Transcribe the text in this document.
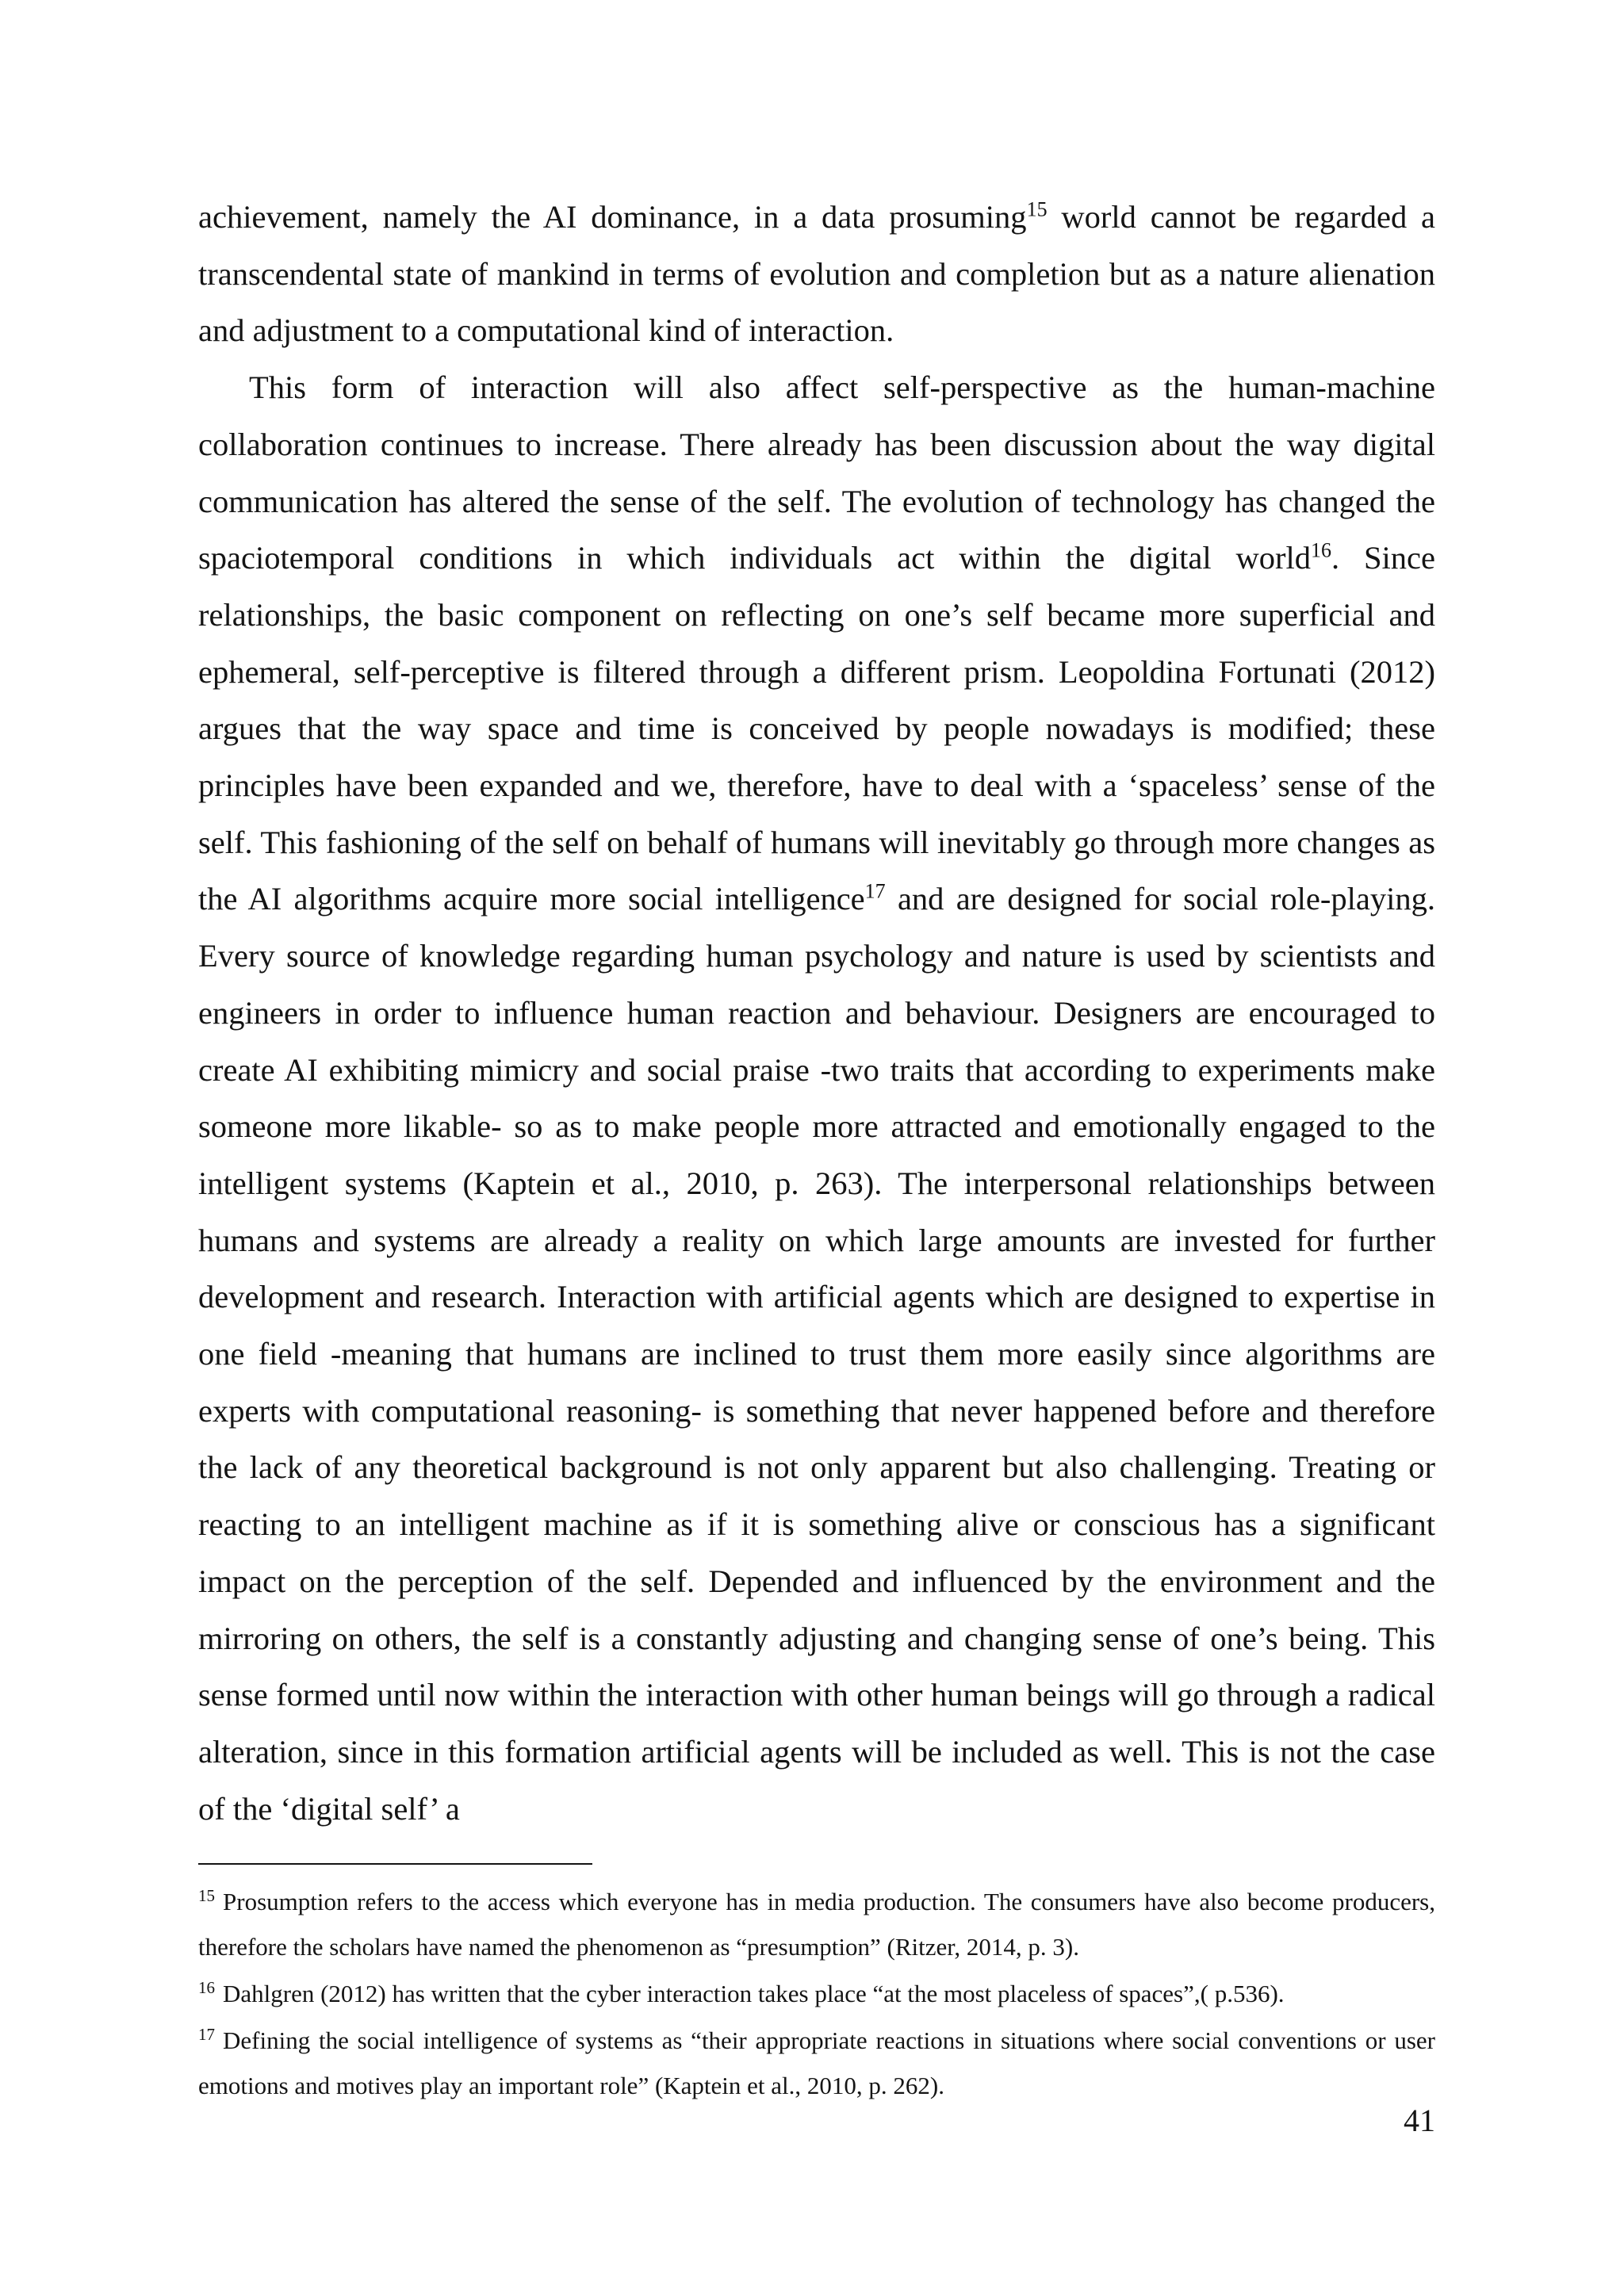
achievement, namely the AI dominance, in a data prosuming$^{15}$ world cannot be regarded a transcendental state of mankind in terms of evolution and completion but as a nature alienation and adjustment to a computational kind of interaction.

This form of interaction will also affect self-perspective as the human-machine collaboration continues to increase. There already has been discussion about the way digital communication has altered the sense of the self. The evolution of technology has changed the spaciotemporal conditions in which individuals act within the digital world$^{16}$. Since relationships, the basic component on reflecting on one’s self became more superficial and ephemeral, self-perceptive is filtered through a different prism. Leopoldina Fortunati (2012) argues that the way space and time is conceived by people nowadays is modified; these principles have been expanded and we, therefore, have to deal with a ‘spaceless’ sense of the self. This fashioning of the self on behalf of humans will inevitably go through more changes as the AI algorithms acquire more social intelligence$^{17}$ and are designed for social role-playing. Every source of knowledge regarding human psychology and nature is used by scientists and engineers in order to influence human reaction and behaviour. Designers are encouraged to create AI exhibiting mimicry and social praise -two traits that according to experiments make someone more likable- so as to make people more attracted and emotionally engaged to the intelligent systems (Kaptein et al., 2010, p. 263). The interpersonal relationships between humans and systems are already a reality on which large amounts are invested for further development and research. Interaction with artificial agents which are designed to expertise in one field -meaning that humans are inclined to trust them more easily since algorithms are experts with computational reasoning- is something that never happened before and therefore the lack of any theoretical background is not only apparent but also challenging. Treating or reacting to an intelligent machine as if it is something alive or conscious has a significant impact on the perception of the self. Depended and influenced by the environment and the mirroring on others, the self is a constantly adjusting and changing sense of one’s being. This sense formed until now within the interaction with other human beings will go through a radical alteration, since in this formation artificial agents will be included as well. This is not the case of the ‘digital self’ a

$^{15}$ Prosumption refers to the access which everyone has in media production. The consumers have also become producers, therefore the scholars have named the phenomenon as “presumption” (Ritzer, 2014, p. 3).

$^{16}$ Dahlgren (2012) has written that the cyber interaction takes place “at the most placeless of spaces”,( p.536).

$^{17}$ Defining the social intelligence of systems as “their appropriate reactions in situations where social conventions or user emotions and motives play an important role” (Kaptein et al., 2010, p. 262).

41
